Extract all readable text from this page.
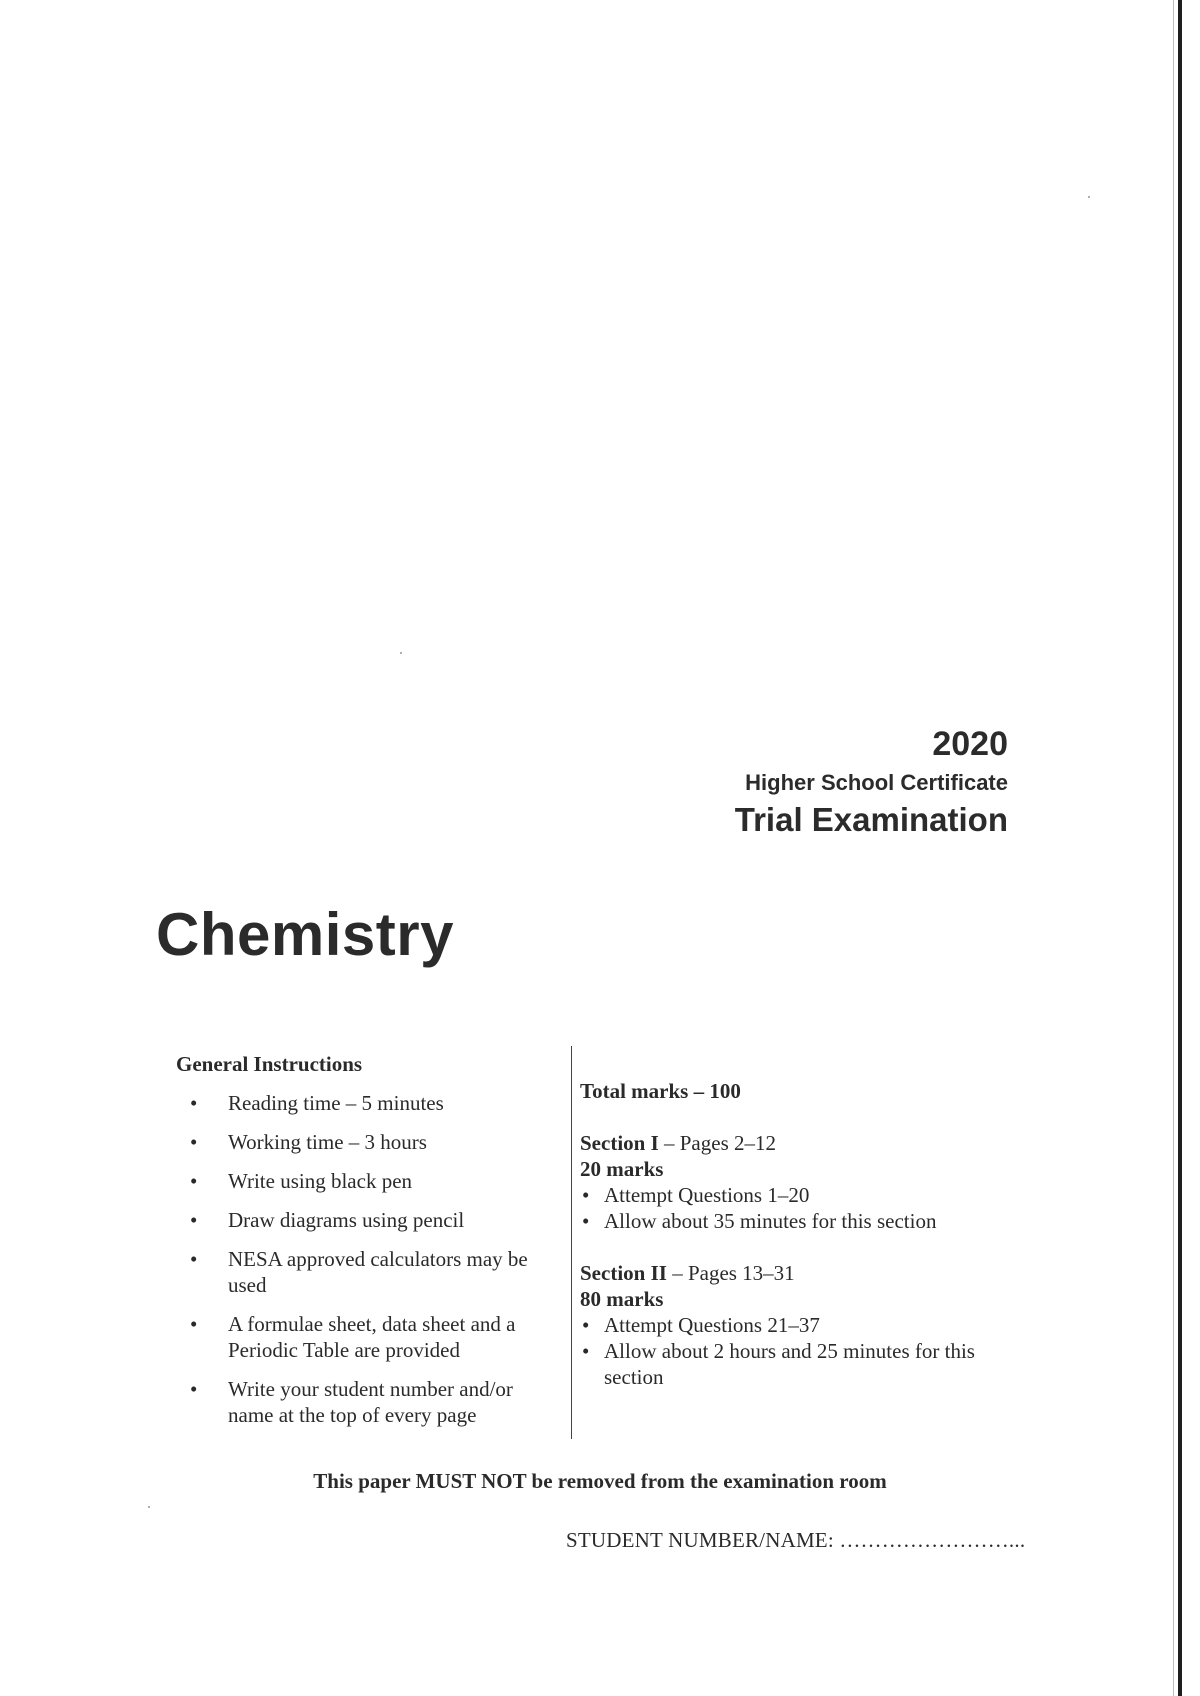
2020
Higher School Certificate
Trial Examination
Chemistry
General Instructions
• Reading time – 5 minutes
• Working time – 3 hours
• Write using black pen
• Draw diagrams using pencil
• NESA approved calculators may be used
• A formulae sheet, data sheet and a Periodic Table are provided
• Write your student number and/or name at the top of every page
Total marks – 100
Section I – Pages 2–12
20 marks
• Attempt Questions 1–20
• Allow about 35 minutes for this section
Section II – Pages 13–31
80 marks
• Attempt Questions 21–37
• Allow about 2 hours and 25 minutes for this section
This paper MUST NOT be removed from the examination room
STUDENT NUMBER/NAME: ……………………...
